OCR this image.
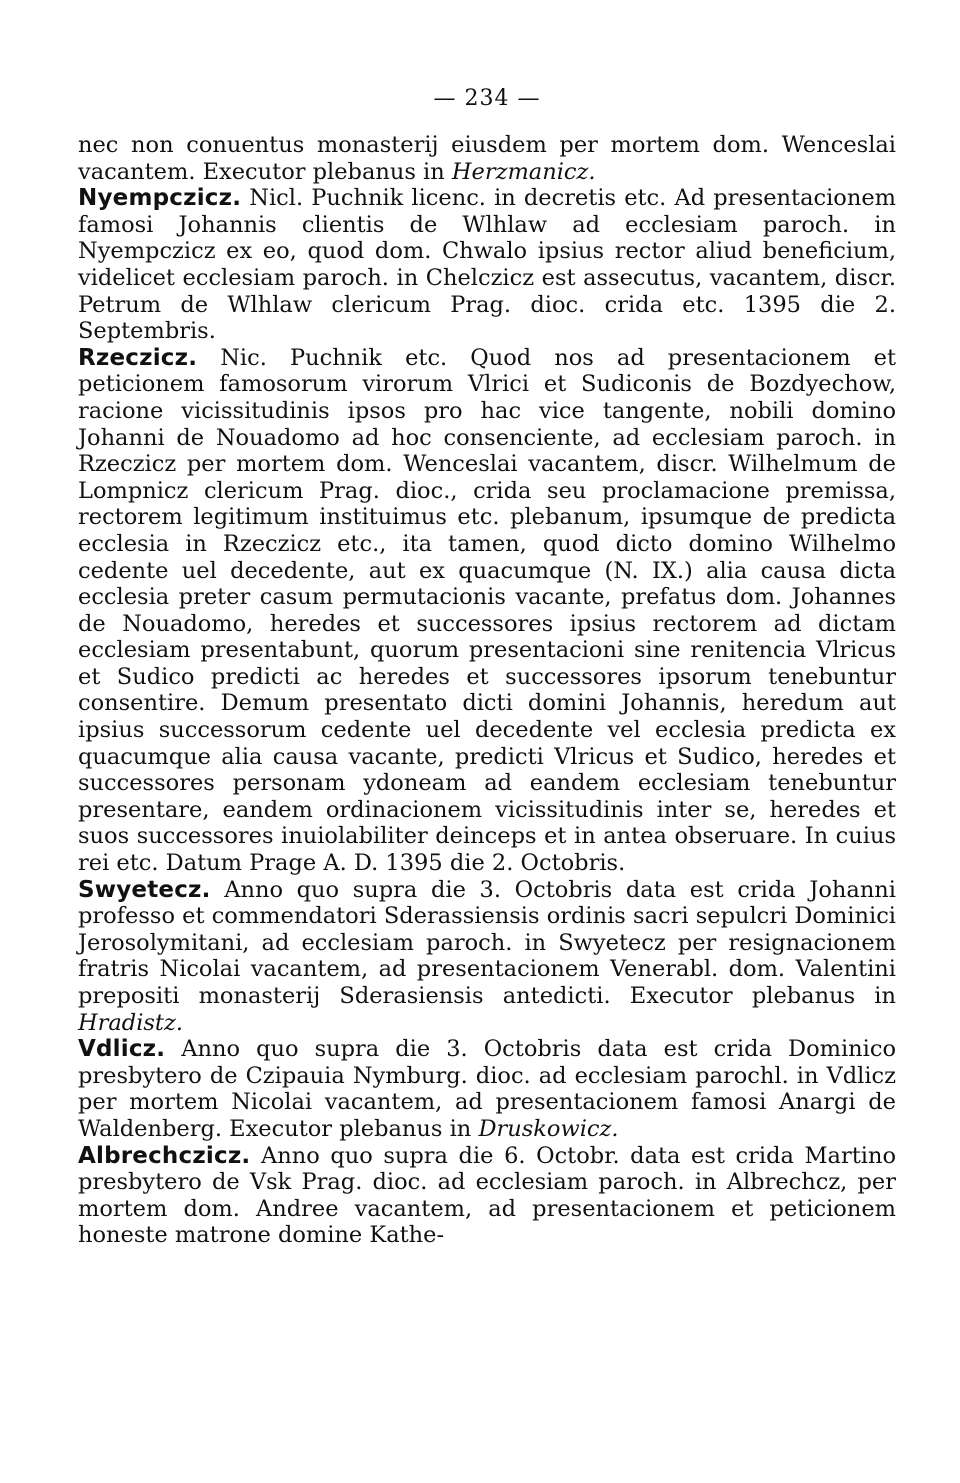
— 234 —

nec non conuentus monasterij eiusdem per mortem dom. Wenceslai vacantem. Executor plebanus in Herzmanicz.

Nyempczicz. Nicl. Puchnik licenc. in decretis etc. Ad presentacionem famosi Johannis clientis de Wlhlaw ad ecclesiam paroch. in Nyempczicz ex eo, quod dom. Chwalo ipsius rector aliud beneficium, videlicet ecclesiam paroch. in Chelczicz est assecutus, vacantem, discr. Petrum de Wlhlaw clericum Prag. dioc. crida etc. 1395 die 2. Septembris.

Rzeczicz. Nic. Puchnik etc. Quod nos ad presentacionem et peticionem famosorum virorum Vlrici et Sudiconis de Bozdyechow, racione vicissitudinis ipsos pro hac vice tangente, nobili domino Johanni de Nouadomo ad hoc consenciente, ad ecclesiam paroch. in Rzeczicz per mortem dom. Wenceslai vacantem, discr. Wilhelmum de Lompnicz clericum Prag. dioc., crida seu proclamacione premissa, rectorem legitimum instituimus etc. plebanum, ipsumque de predicta ecclesia in Rzeczicz etc., ita tamen, quod dicto domino Wilhelmo cedente uel decedente, aut ex quacumque (N. IX.) alia causa dicta ecclesia preter casum permutacionis vacante, prefatus dom. Johannes de Nouadomo, heredes et successores ipsius rectorem ad dictam ecclesiam presentabunt, quorum presentacioni sine renitencia Vlricus et Sudico predicti ac heredes et successores ipsorum tenebuntur consentire. Demum presentato dicti domini Johannis, heredum aut ipsius successorum cedente uel decedente vel ecclesia predicta ex quacumque alia causa vacante, predicti Vlricus et Sudico, heredes et successores personam ydoneam ad eandem ecclesiam tenebuntur presentare, eandem ordinacionem vicissitudinis inter se, heredes et suos successores inuiolabiliter deinceps et in antea obseruare. In cuius rei etc. Datum Prage A. D. 1395 die 2. Octobris.

Swyetecz. Anno quo supra die 3. Octobris data est crida Johanni professo et commendatori Sderassiensis ordinis sacri sepulcri Dominici Jerosolymitani, ad ecclesiam paroch. in Swyetecz per resignacionem fratris Nicolai vacantem, ad presentacionem Venerabl. dom. Valentini prepositi monasterij Sderasiensis antedicti. Executor plebanus in Hradistz.

Vdlicz. Anno quo supra die 3. Octobris data est crida Dominico presbytero de Czipauia Nymburg. dioc. ad ecclesiam parochl. in Vdlicz per mortem Nicolai vacantem, ad presentacionem famosi Anargi de Waldenberg. Executor plebanus in Druskowicz.

Albrechczicz. Anno quo supra die 6. Octobr. data est crida Martino presbytero de Vsk Prag. dioc. ad ecclesiam paroch. in Albrechcz, per mortem dom. Andree vacantem, ad presentacionem et peticionem honeste matrone domine Kathe-
